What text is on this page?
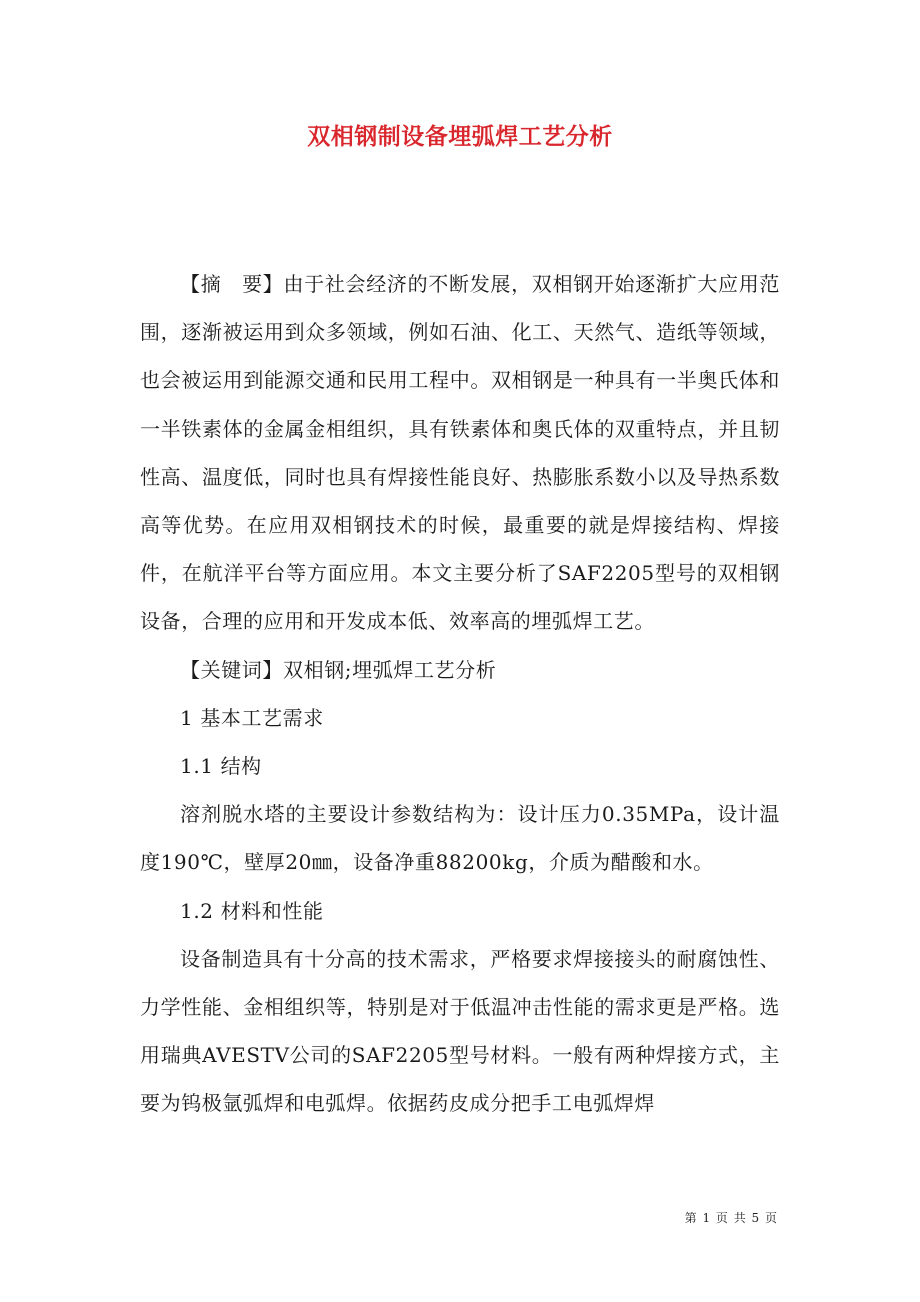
双相钢制设备埋弧焊工艺分析

【摘　要】由于社会经济的不断发展，双相钢开始逐渐扩大应用范围，逐渐被运用到众多领域，例如石油、化工、天然气、造纸等领域，也会被运用到能源交通和民用工程中。双相钢是一种具有一半奥氏体和一半铁素体的金属金相组织，具有铁素体和奥氏体的双重特点，并且韧性高、温度低，同时也具有焊接性能良好、热膨胀系数小以及导热系数高等优势。在应用双相钢技术的时候，最重要的就是焊接结构、焊接件，在航洋平台等方面应用。本文主要分析了SAF2205型号的双相钢设备，合理的应用和开发成本低、效率高的埋弧焊工艺。

【关键词】双相钢;埋弧焊工艺分析

1 基本工艺需求

1.1 结构

溶剂脱水塔的主要设计参数结构为：设计压力0.35MPa，设计温度190℃，壁厚20㎜，设备净重88200kg，介质为醋酸和水。

1.2 材料和性能

设备制造具有十分高的技术需求，严格要求焊接接头的耐腐蚀性、力学性能、金相组织等，特别是对于低温冲击性能的需求更是严格。选用瑞典AVESTV公司的SAF2205型号材料。一般有两种焊接方式，主要为钨极氩弧焊和电弧焊。依据药皮成分把手工电弧焊焊

第 1 页 共 5 页
